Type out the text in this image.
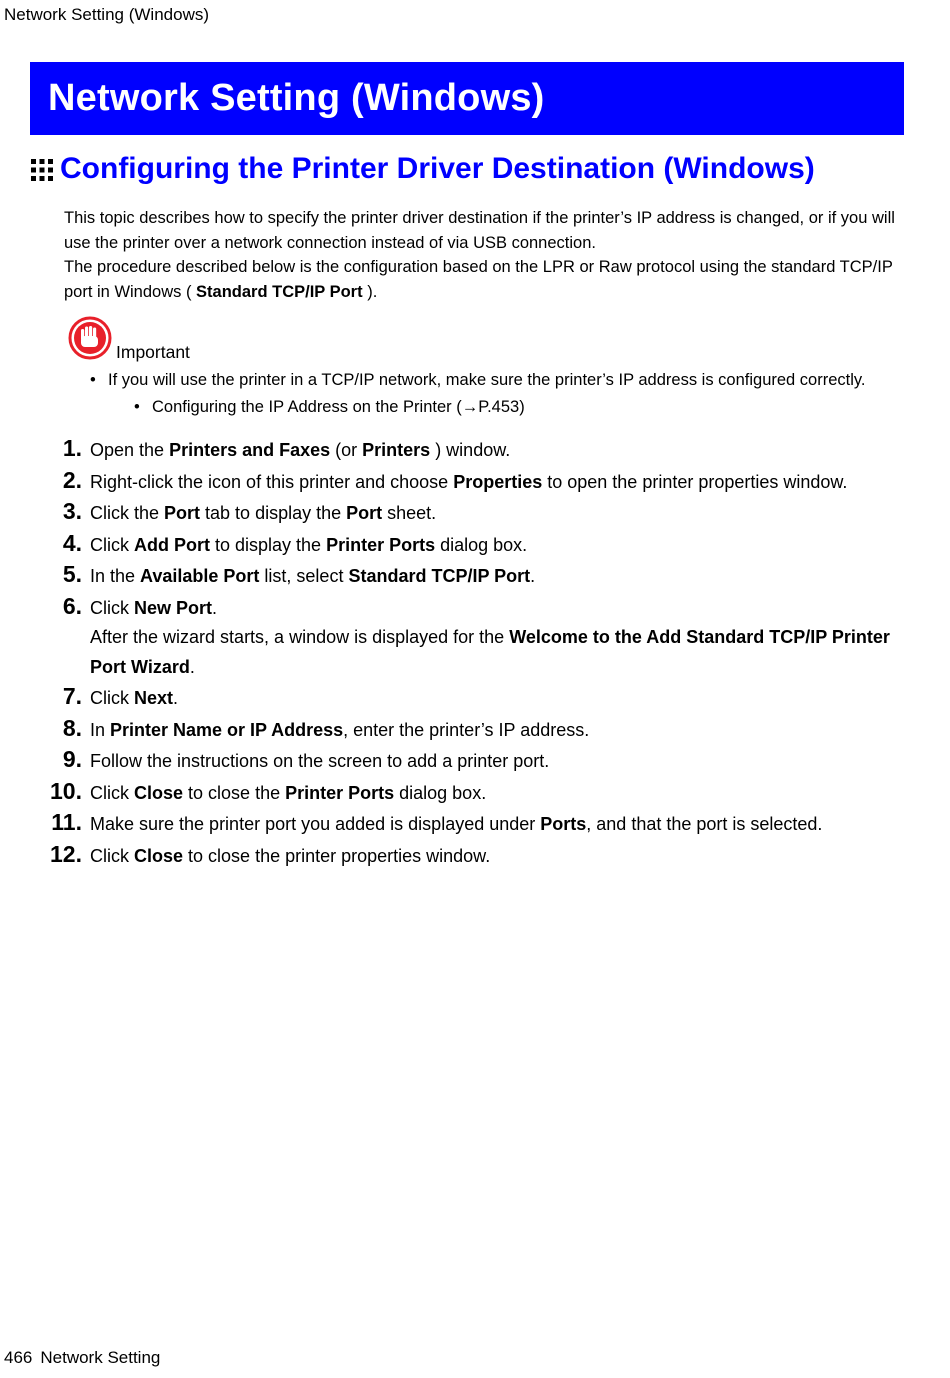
Network Setting (Windows)
Network Setting (Windows)
Configuring the Printer Driver Destination (Windows)

This topic describes how to specify the printer driver destination if the printer’s IP address is changed, or if you will use the printer over a network connection instead of via USB connection.

The procedure described below is the configuration based on the LPR or Raw protocol using the standard TCP/IP port in Windows ( Standard TCP/IP Port ).

Important
• If you will use the printer in a TCP/IP network, make sure the printer’s IP address is configured correctly.
• Configuring the IP Address on the Printer (→P.453)
1. Open the Printers and Faxes (or Printers ) window.
2. Right-click the icon of this printer and choose Properties to open the printer properties window.
3. Click the Port tab to display the Port sheet.
4. Click Add Port to display the Printer Ports dialog box.
5. In the Available Port list, select Standard TCP/IP Port.
6. Click New Port.
After the wizard starts, a window is displayed for the Welcome to the Add Standard TCP/IP Printer Port Wizard.
7. Click Next.
8. In Printer Name or IP Address, enter the printer’s IP address.
9. Follow the instructions on the screen to add a printer port.
10. Click Close to close the Printer Ports dialog box.
11. Make sure the printer port you added is displayed under Ports, and that the port is selected.
12. Click Close to close the printer properties window.
466 Network Setting
